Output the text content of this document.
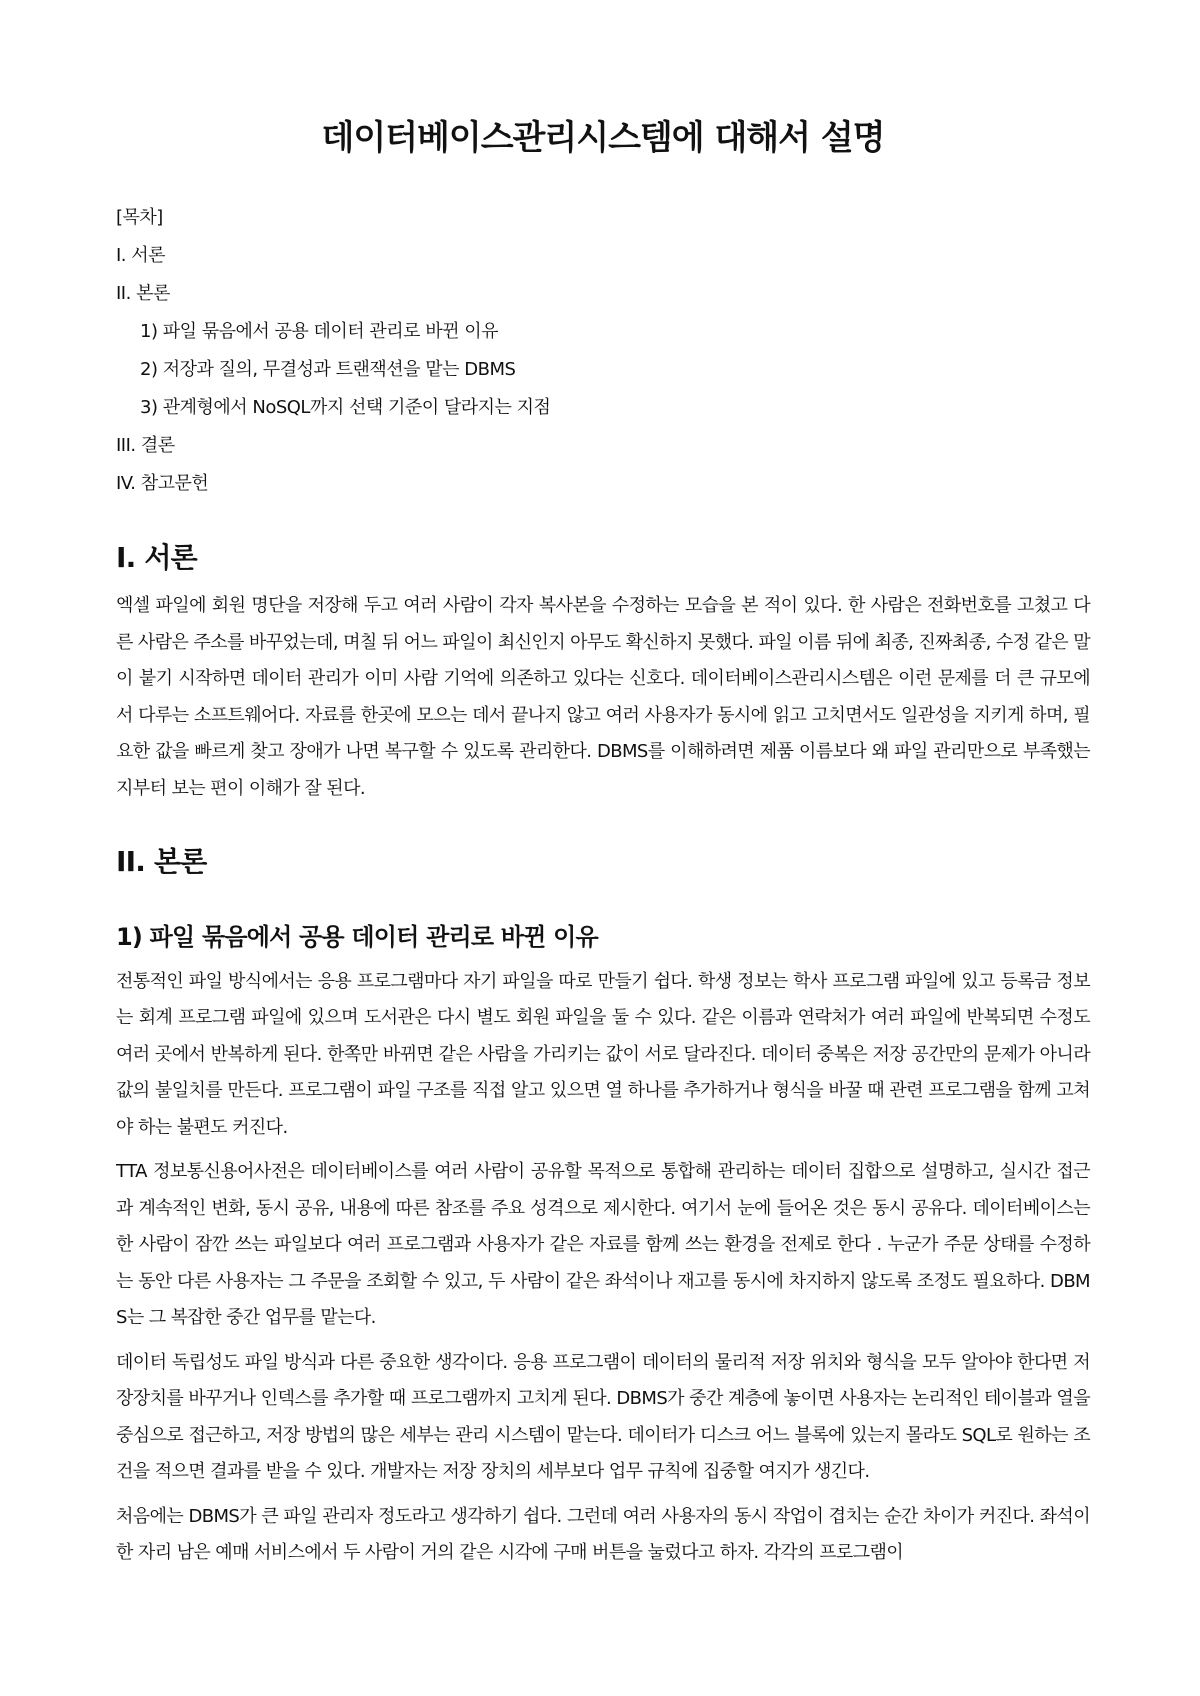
데이터베이스관리시스템에 대해서 설명
[목차]
I. 서론
II. 본론
1) 파일 묶음에서 공용 데이터 관리로 바뀐 이유
2) 저장과 질의, 무결성과 트랜잭션을 맡는 DBMS
3) 관계형에서 NoSQL까지 선택 기준이 달라지는 지점
III. 결론
IV. 참고문헌
I. 서론

엑셀 파일에 회원 명단을 저장해 두고 여러 사람이 각자 복사본을 수정하는 모습을 본 적이 있다. 한 사람은 전화번호를 고쳤고 다른 사람은 주소를 바꾸었는데, 며칠 뒤 어느 파일이 최신인지 아무도 확신하지 못했다. 파일 이름 뒤에 최종, 진짜최종, 수정 같은 말이 붙기 시작하면 데이터 관리가 이미 사람 기억에 의존하고 있다는 신호다. 데이터베이스관리시스템은 이런 문제를 더 큰 규모에서 다루는 소프트웨어다. 자료를 한곳에 모으는 데서 끝나지 않고 여러 사용자가 동시에 읽고 고치면서도 일관성을 지키게 하며, 필요한 값을 빠르게 찾고 장애가 나면 복구할 수 있도록 관리한다. DBMS를 이해하려면 제품 이름보다 왜 파일 관리만으로 부족했는지부터 보는 편이 이해가 잘 된다.

II. 본론
1) 파일 묶음에서 공용 데이터 관리로 바뀐 이유

전통적인 파일 방식에서는 응용 프로그램마다 자기 파일을 따로 만들기 쉽다. 학생 정보는 학사 프로그램 파일에 있고 등록금 정보는 회계 프로그램 파일에 있으며 도서관은 다시 별도 회원 파일을 둘 수 있다. 같은 이름과 연락처가 여러 파일에 반복되면 수정도 여러 곳에서 반복하게 된다. 한쪽만 바뀌면 같은 사람을 가리키는 값이 서로 달라진다. 데이터 중복은 저장 공간만의 문제가 아니라 값의 불일치를 만든다. 프로그램이 파일 구조를 직접 알고 있으면 열 하나를 추가하거나 형식을 바꿀 때 관련 프로그램을 함께 고쳐야 하는 불편도 커진다.

TTA 정보통신용어사전은 데이터베이스를 여러 사람이 공유할 목적으로 통합해 관리하는 데이터 집합으로 설명하고, 실시간 접근과 계속적인 변화, 동시 공유, 내용에 따른 참조를 주요 성격으로 제시한다. 여기서 눈에 들어온 것은 동시 공유다. 데이터베이스는 한 사람이 잠깐 쓰는 파일보다 여러 프로그램과 사용자가 같은 자료를 함께 쓰는 환경을 전제로 한다 . 누군가 주문 상태를 수정하는 동안 다른 사용자는 그 주문을 조회할 수 있고, 두 사람이 같은 좌석이나 재고를 동시에 차지하지 않도록 조정도 필요하다. DBMS는 그 복잡한 중간 업무를 맡는다.

데이터 독립성도 파일 방식과 다른 중요한 생각이다. 응용 프로그램이 데이터의 물리적 저장 위치와 형식을 모두 알아야 한다면 저장장치를 바꾸거나 인덱스를 추가할 때 프로그램까지 고치게 된다. DBMS가 중간 계층에 놓이면 사용자는 논리적인 테이블과 열을 중심으로 접근하고, 저장 방법의 많은 세부는 관리 시스템이 맡는다. 데이터가 디스크 어느 블록에 있는지 몰라도 SQL로 원하는 조건을 적으면 결과를 받을 수 있다. 개발자는 저장 장치의 세부보다 업무 규칙에 집중할 여지가 생긴다.

처음에는 DBMS가 큰 파일 관리자 정도라고 생각하기 쉽다. 그런데 여러 사용자의 동시 작업이 겹치는 순간 차이가 커진다. 좌석이 한 자리 남은 예매 서비스에서 두 사람이 거의 같은 시각에 구매 버튼을 눌렀다고 하자. 각각의 프로그램이
